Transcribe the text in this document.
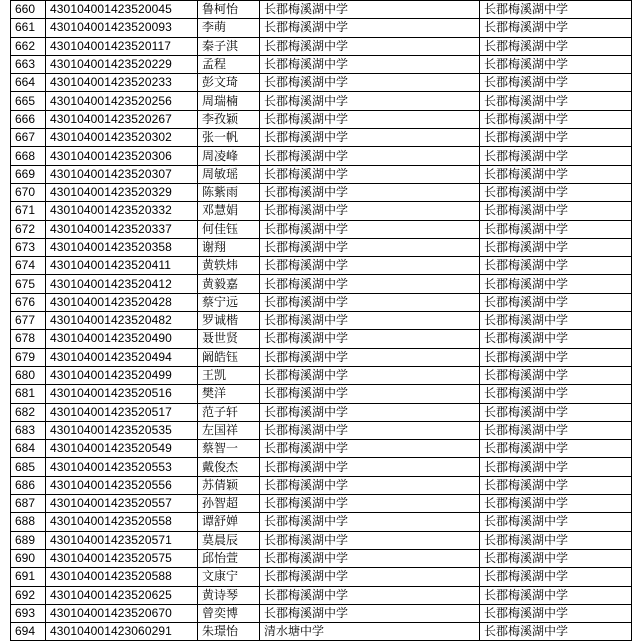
660	430104001423520045	鲁柯怡	长郡梅溪湖中学	长郡梅溪湖中学
661	430104001423520093	李萌	长郡梅溪湖中学	长郡梅溪湖中学
662	430104001423520117	秦子淇	长郡梅溪湖中学	长郡梅溪湖中学
663	430104001423520229	孟程	长郡梅溪湖中学	长郡梅溪湖中学
664	430104001423520233	彭文琦	长郡梅溪湖中学	长郡梅溪湖中学
665	430104001423520256	周瑞楠	长郡梅溪湖中学	长郡梅溪湖中学
666	430104001423520267	李孜颖	长郡梅溪湖中学	长郡梅溪湖中学
667	430104001423520302	张一帆	长郡梅溪湖中学	长郡梅溪湖中学
668	430104001423520306	周凌峰	长郡梅溪湖中学	长郡梅溪湖中学
669	430104001423520307	周敏瑶	长郡梅溪湖中学	长郡梅溪湖中学
670	430104001423520329	陈紫雨	长郡梅溪湖中学	长郡梅溪湖中学
671	430104001423520332	邓慧娟	长郡梅溪湖中学	长郡梅溪湖中学
672	430104001423520337	何佳钰	长郡梅溪湖中学	长郡梅溪湖中学
673	430104001423520358	谢翔	长郡梅溪湖中学	长郡梅溪湖中学
674	430104001423520411	黄轶炜	长郡梅溪湖中学	长郡梅溪湖中学
675	430104001423520412	黄毅嘉	长郡梅溪湖中学	长郡梅溪湖中学
676	430104001423520428	蔡宁远	长郡梅溪湖中学	长郡梅溪湖中学
677	430104001423520482	罗诚楷	长郡梅溪湖中学	长郡梅溪湖中学
678	430104001423520490	聂世贤	长郡梅溪湖中学	长郡梅溪湖中学
679	430104001423520494	阚皓钰	长郡梅溪湖中学	长郡梅溪湖中学
680	430104001423520499	王凯	长郡梅溪湖中学	长郡梅溪湖中学
681	430104001423520516	樊洋	长郡梅溪湖中学	长郡梅溪湖中学
682	430104001423520517	范子轩	长郡梅溪湖中学	长郡梅溪湖中学
683	430104001423520535	左国祥	长郡梅溪湖中学	长郡梅溪湖中学
684	430104001423520549	蔡智一	长郡梅溪湖中学	长郡梅溪湖中学
685	430104001423520553	戴俊杰	长郡梅溪湖中学	长郡梅溪湖中学
686	430104001423520556	苏倩颖	长郡梅溪湖中学	长郡梅溪湖中学
687	430104001423520557	孙智超	长郡梅溪湖中学	长郡梅溪湖中学
688	430104001423520558	谭舒婵	长郡梅溪湖中学	长郡梅溪湖中学
689	430104001423520571	莫晨辰	长郡梅溪湖中学	长郡梅溪湖中学
690	430104001423520575	邱怡萱	长郡梅溪湖中学	长郡梅溪湖中学
691	430104001423520588	文康宁	长郡梅溪湖中学	长郡梅溪湖中学
692	430104001423520625	黄诗琴	长郡梅溪湖中学	长郡梅溪湖中学
693	430104001423520670	曾奕博	长郡梅溪湖中学	长郡梅溪湖中学
694	430104001423060291	朱璟怡	清水塘中学	长郡梅溪湖中学
